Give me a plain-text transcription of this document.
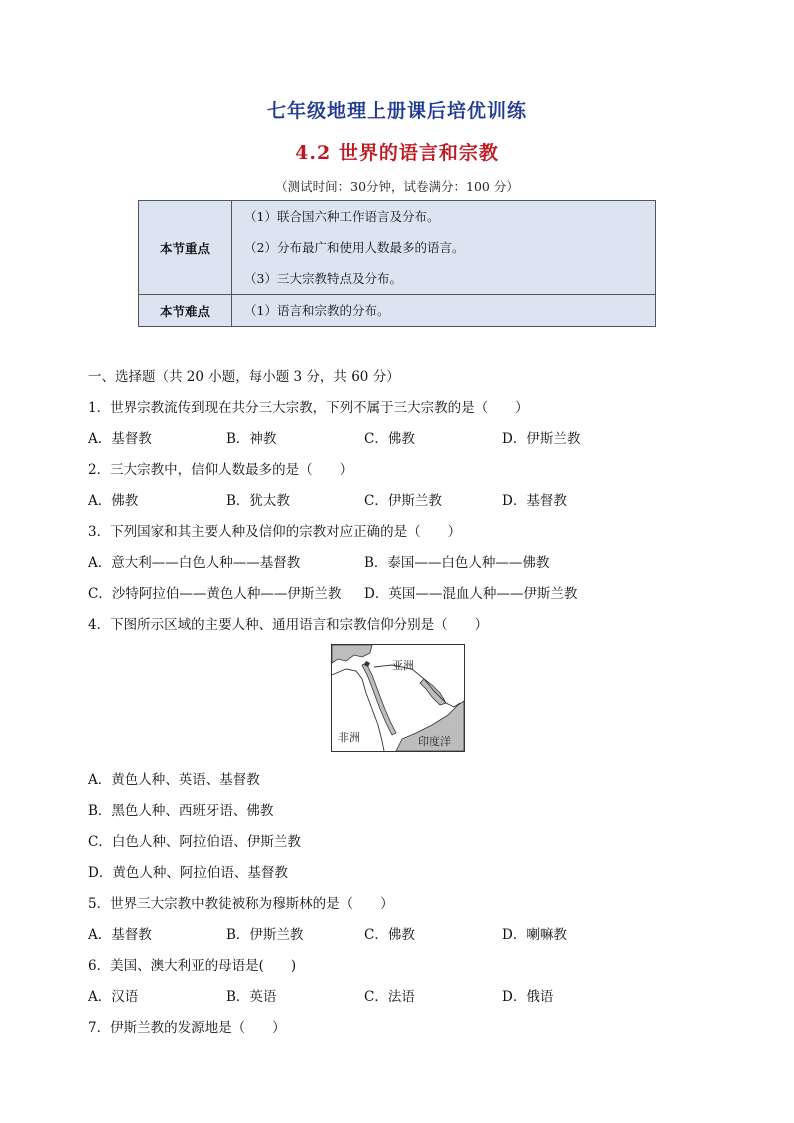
七年级地理上册课后培优训练
4.2 世界的语言和宗教
（测试时间：30分钟，试卷满分：100 分）
本节重点	（1）联合国六种工作语言及分布。
（2）分布最广和使用人数最多的语言。
（3）三大宗教特点及分布。

本节难点	（1）语言和宗教的分布。
一、选择题（共 20 小题，每小题 3 分，共 60 分）
1．世界宗教流传到现在共分三大宗教，下列不属于三大宗教的是（　　）
A．基督教	B．神教	C．佛教	D．伊斯兰教
2．三大宗教中，信仰人数最多的是（　　）
A．佛教	B．犹太教	C．伊斯兰教	D．基督教
3．下列国家和其主要人种及信仰的宗教对应正确的是（　　）
A．意大利——白色人种——基督教	B．泰国——白色人种——佛教
C．沙特阿拉伯——黄色人种——伊斯兰教	D．英国——混血人种——伊斯兰教
4．下图所示区域的主要人种、通用语言和宗教信仰分别是（　　）
亚洲
非洲	印度洋
A．黄色人种、英语、基督教
B．黑色人种、西班牙语、佛教
C．白色人种、阿拉伯语、伊斯兰教
D．黄色人种、阿拉伯语、基督教
5．世界三大宗教中教徒被称为穆斯林的是（　　）
A．基督教	B．伊斯兰教	C．佛教	D．喇嘛教
6．美国、澳大利亚的母语是(　　)
A．汉语	B．英语	C．法语	D．俄语
7．伊斯兰教的发源地是（　　）
